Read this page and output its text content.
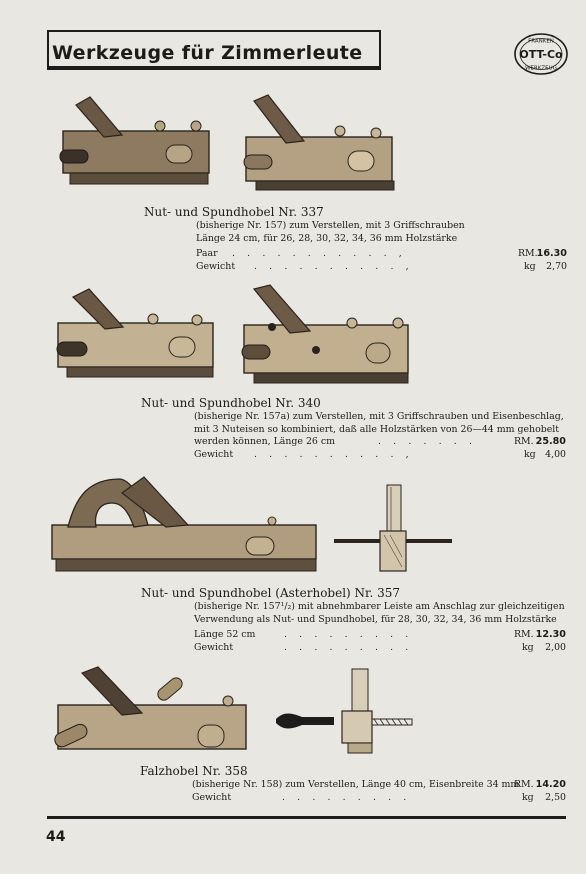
Werkzeuge für Zimmerleute
FRANKEN
OTT-Co
WERKZEUG
Nut- und Spundhobel Nr. 337
(bisherige Nr. 157) zum Verstellen, mit 3 Griffschrauben
Länge 24 cm, für 26, 28, 30, 32, 34, 36 mm Holzstärke
Paar . . . . . . . . . . . ,	RM. 16.30
Gewicht . . . . . . . . . . ,	kg	2,70
Nut- und Spundhobel Nr. 340
(bisherige Nr. 157a) zum Verstellen, mit 3 Griffschrauben und Eisenbeschlag,
mit 3 Nuteisen so kombiniert, daß alle Holzstärken von 26—44 mm gehobelt
werden können, Länge 26 cm	. . . . . . .	RM. 25.80
Gewicht . . . . . . . . . . ,	kg	4,00
Nut- und Spundhobel (Asterhobel) Nr. 357
(bisherige Nr. 157¹/₂) mit abnehmbarer Leiste am Anschlag zur gleichzeitigen
Verwendung als Nut- und Spundhobel, für 28, 30, 32, 34, 36 mm Holzstärke
Länge 52 cm	. . . . . . . . .	RM. 12.30
Gewicht	. . . . . . . . .	kg	2,00
Falzhobel Nr. 358
(bisherige Nr. 158) zum Verstellen, Länge 40 cm, Eisenbreite 34 mm
RM. 14.20
Gewicht	. . . . . . . . .	kg	2,50
44
